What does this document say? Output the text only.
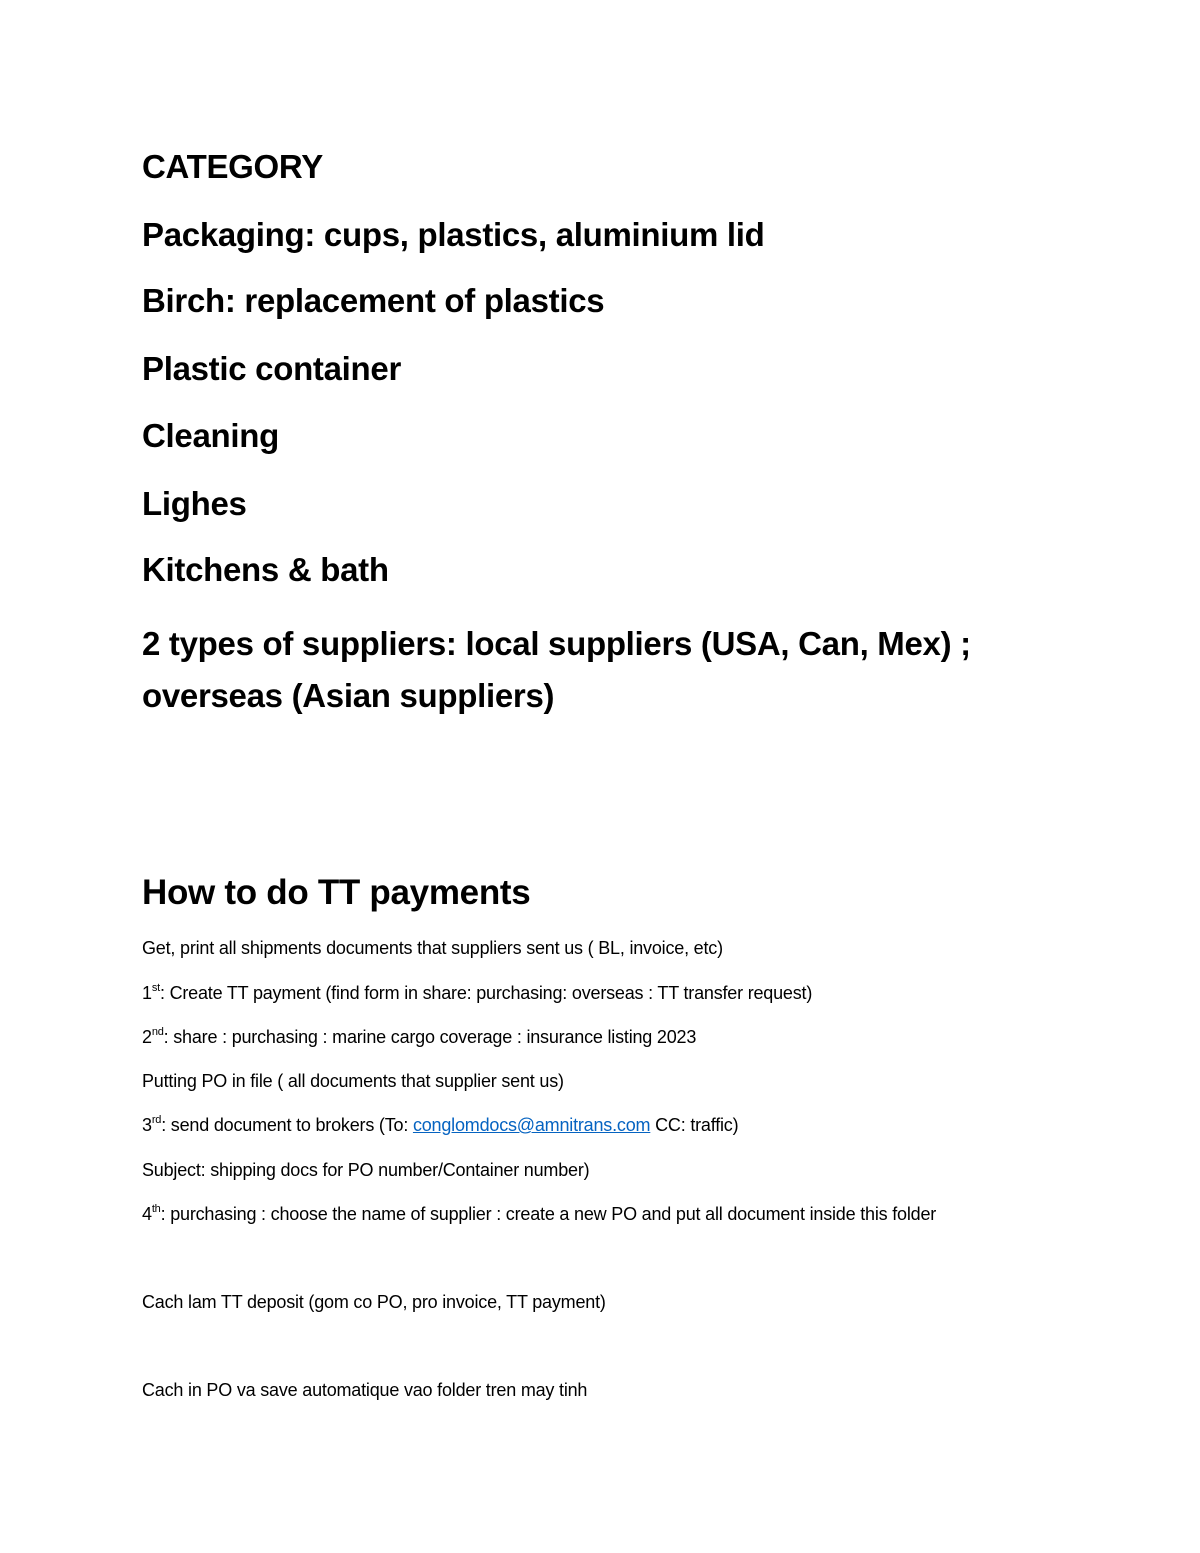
CATEGORY
Packaging: cups, plastics, aluminium lid
Birch: replacement of plastics
Plastic container
Cleaning
Lighes
Kitchens & bath
2 types of suppliers: local suppliers (USA, Can, Mex) ;
overseas (Asian suppliers)
How to do TT payments
Get, print all shipments documents that suppliers sent us ( BL, invoice, etc)
1st: Create TT payment (find form in share: purchasing: overseas : TT transfer request)
2nd: share : purchasing : marine cargo coverage : insurance listing 2023
Putting PO in file ( all documents that supplier sent us)
3rd: send document to brokers (To: conglomdocs@amnitrans.com CC: traffic)
Subject: shipping docs for PO number/Container number)
4th: purchasing : choose the name of supplier : create a new PO and put all document inside this folder
Cach lam TT deposit (gom co PO, pro invoice, TT payment)
Cach in PO va save automatique vao folder tren may tinh
